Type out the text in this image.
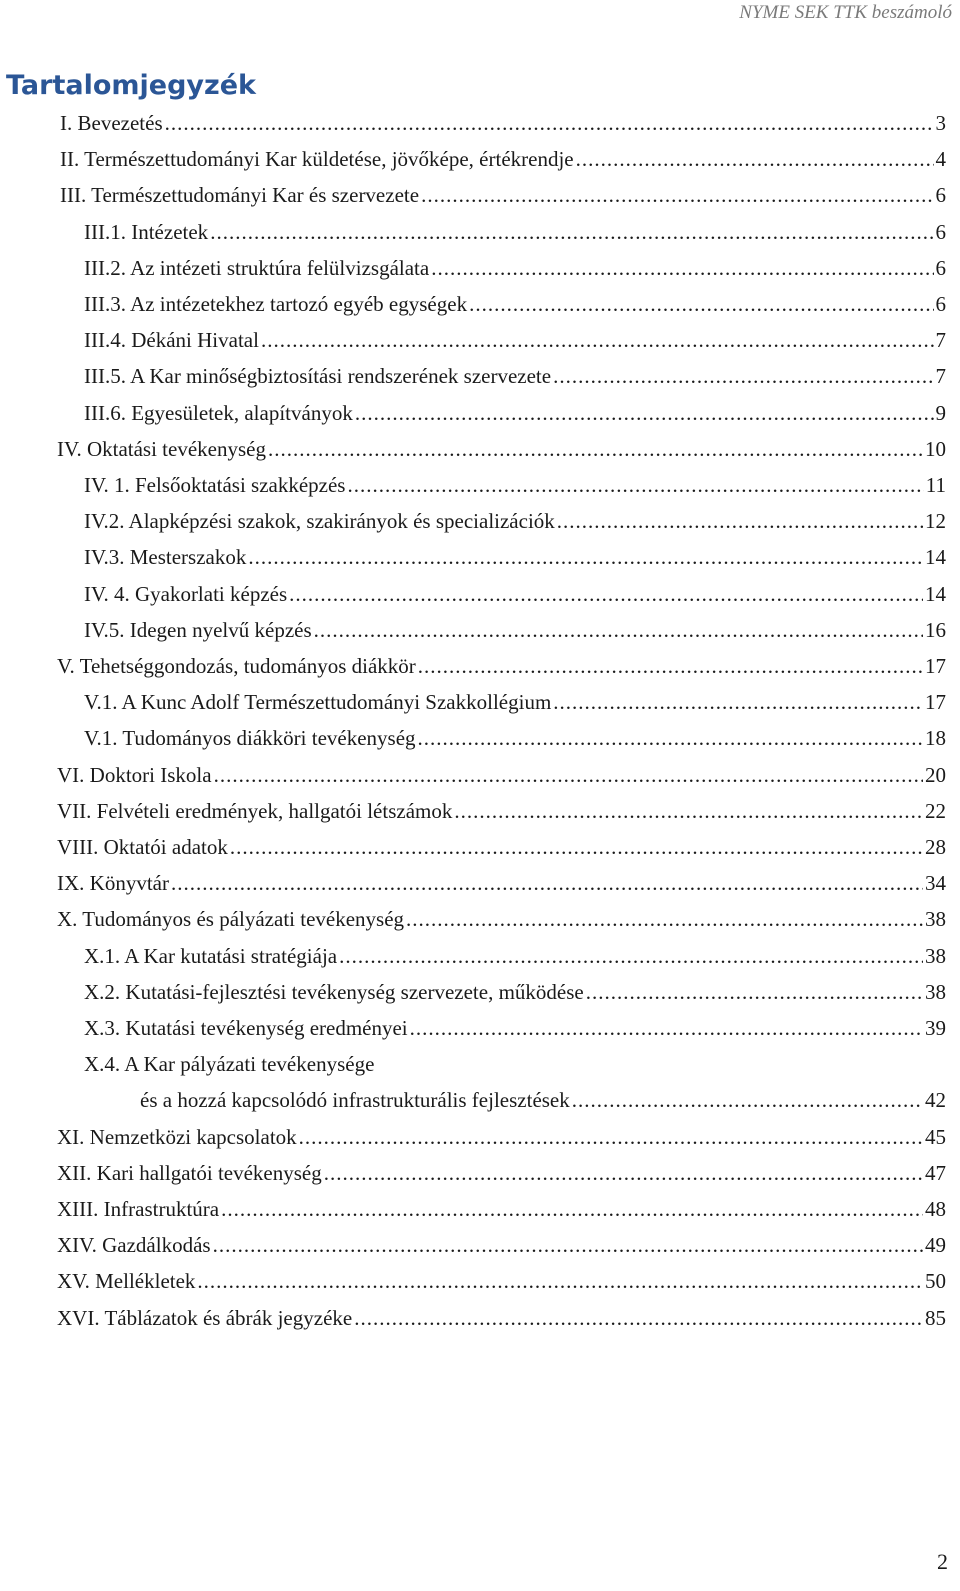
NYME SEK TTK beszámoló
Tartalomjegyzék
I. Bevezetés .....	3
II. Természettudományi Kar küldetése, jövőképe, értékrendje .....	4
III. Természettudományi Kar és szervezete .....	6
III.1. Intézetek .....	6
III.2. Az intézeti struktúra felülvizsgálata .....	6
III.3. Az intézetekhez tartozó egyéb egységek .....	6
III.4. Dékáni Hivatal .....	7
III.5. A Kar minőségbiztosítási rendszerének szervezete .....	7
III.6. Egyesületek, alapítványok .....	9
IV. Oktatási tevékenység .....	10
IV. 1. Felsőoktatási szakképzés .....	11
IV.2. Alapképzési szakok, szakirányok és specializációk .....	12
IV.3. Mesterszakok .....	14
IV. 4. Gyakorlati képzés .....	14
IV.5. Idegen nyelvű képzés .....	16
V. Tehetséggondozás, tudományos diákkör .....	17
V.1. A Kunc Adolf Természettudományi Szakkollégium .....	17
V.1. Tudományos diákköri tevékenység .....	18
VI. Doktori Iskola .....	20
VII. Felvételi eredmények, hallgatói létszámok .....	22
VIII. Oktatói adatok .....	28
IX. Könyvtár .....	34
X. Tudományos és pályázati tevékenység .....	38
X.1. A Kar kutatási stratégiája .....	38
X.2. Kutatási-fejlesztési tevékenység szervezete, működése .....	38
X.3. Kutatási tevékenység eredményei .....	39
X.4. A Kar pályázati tevékenysége
és a hozzá kapcsolódó infrastrukturális fejlesztések .....	42
XI. Nemzetközi kapcsolatok .....	45
XII. Kari hallgatói tevékenység .....	47
XIII. Infrastruktúra .....	48
XIV. Gazdálkodás .....	49
XV. Mellékletek .....	50
XVI. Táblázatok és ábrák jegyzéke .....	85
2
